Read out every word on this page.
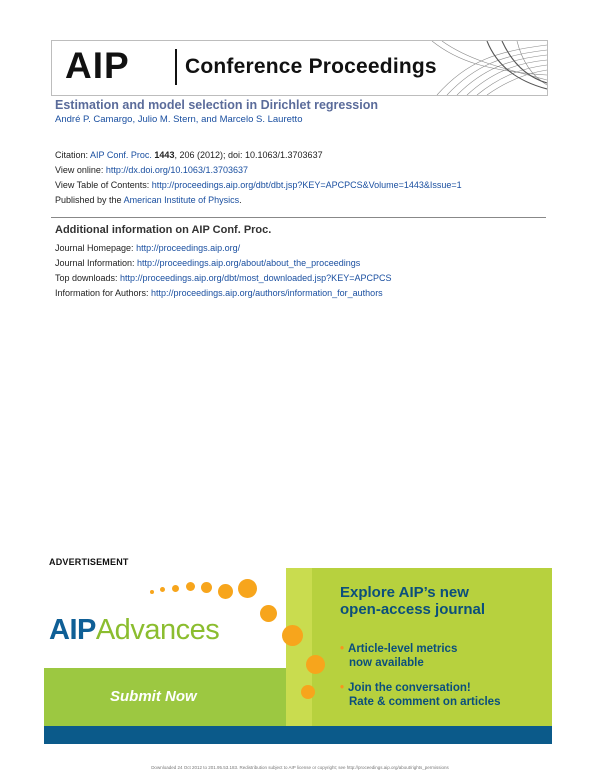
AIP	Conference Proceedings
Estimation and model selection in Dirichlet regression
André P. Camargo, Julio M. Stern, and Marcelo S. Lauretto
Citation: AIP Conf. Proc. 1443, 206 (2012); doi: 10.1063/1.3703637
View online: http://dx.doi.org/10.1063/1.3703637
View Table of Contents: http://proceedings.aip.org/dbt/dbt.jsp?KEY=APCPCS&Volume=1443&Issue=1
Published by the American Institute of Physics.
Additional information on AIP Conf. Proc.
Journal Homepage: http://proceedings.aip.org/
Journal Information: http://proceedings.aip.org/about/about_the_proceedings
Top downloads: http://proceedings.aip.org/dbt/most_downloaded.jsp?KEY=APCPCS
Information for Authors: http://proceedings.aip.org/authors/information_for_authors
ADVERTISEMENT
AIPAdvances
Submit Now
Explore AIP’s new
open-access journal
• Article-level metrics
now available
• Join the conversation!
Rate & comment on articles
Downloaded 24 Oct 2012 to 201.95.53.183. Redistribution subject to AIP license or copyright; see http://proceedings.aip.org/about/rights_permissions
